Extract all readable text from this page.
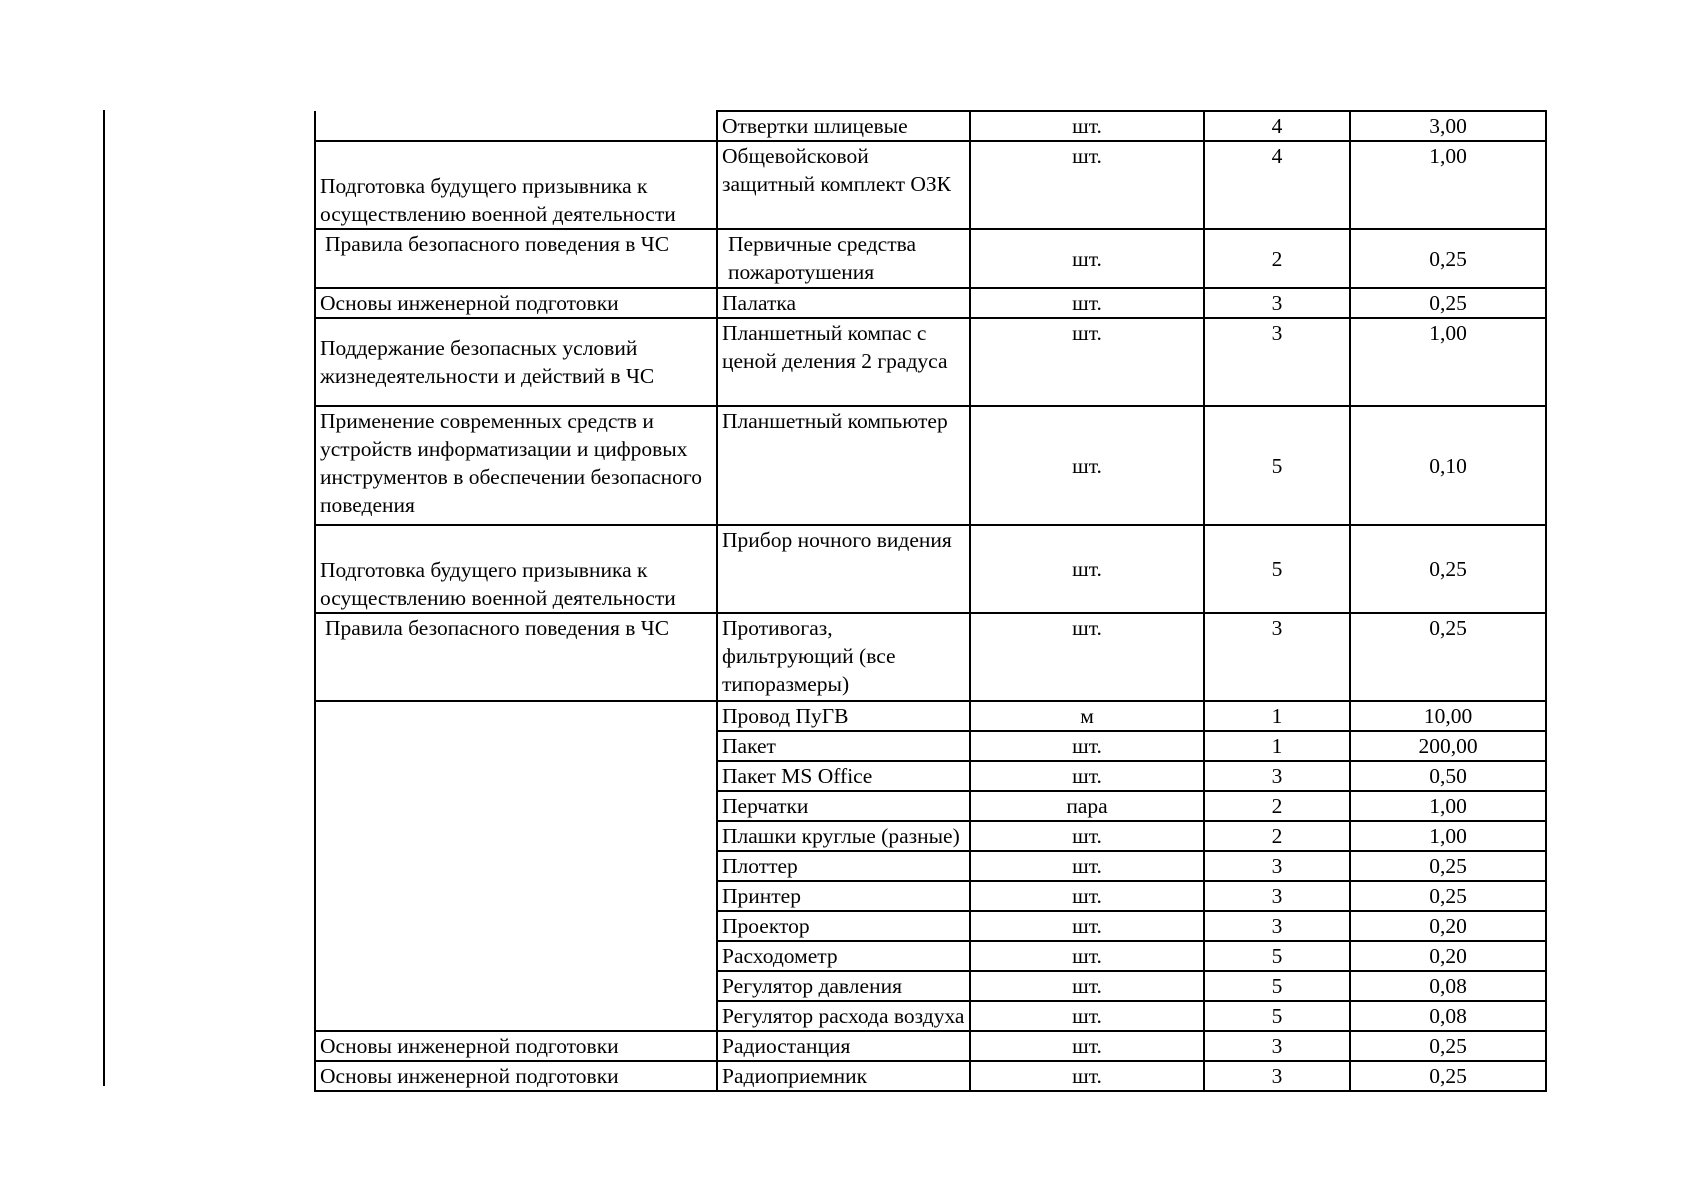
	Отвертки шлицевые	шт.	4	3,00
Подготовка будущего призывника к осуществлению военной деятельности	Общевойсковой защитный комплект ОЗК	шт.	4	1,00
Правила безопасного поведения в ЧС	Первичные средства пожаротушения	шт.	2	0,25
Основы инженерной подготовки	Палатка	шт.	3	0,25
Поддержание безопасных условий жизнедеятельности и действий в ЧС	Планшетный компас с ценой деления 2 градуса	шт.	3	1,00
Применение современных средств и устройств информатизации и цифровых инструментов в обеспечении безопасного поведения	Планшетный компьютер	шт.	5	0,10
Подготовка будущего призывника к осуществлению военной деятельности	Прибор ночного видения	шт.	5	0,25
Правила безопасного поведения в ЧС	Противогаз, фильтрующий (все типоразмеры)	шт.	3	0,25
	Провод ПуГВ	м	1	10,00
	Пакет	шт.	1	200,00
	Пакет MS Office	шт.	3	0,50
	Перчатки	пара	2	1,00
	Плашки круглые (разные)	шт.	2	1,00
	Плоттер	шт.	3	0,25
	Принтер	шт.	3	0,25
	Проектор	шт.	3	0,20
	Расходометр	шт.	5	0,20
	Регулятор давления	шт.	5	0,08
	Регулятор расхода воздуха	шт.	5	0,08
Основы инженерной подготовки	Радиостанция	шт.	3	0,25
Основы инженерной подготовки	Радиоприемник	шт.	3	0,25
